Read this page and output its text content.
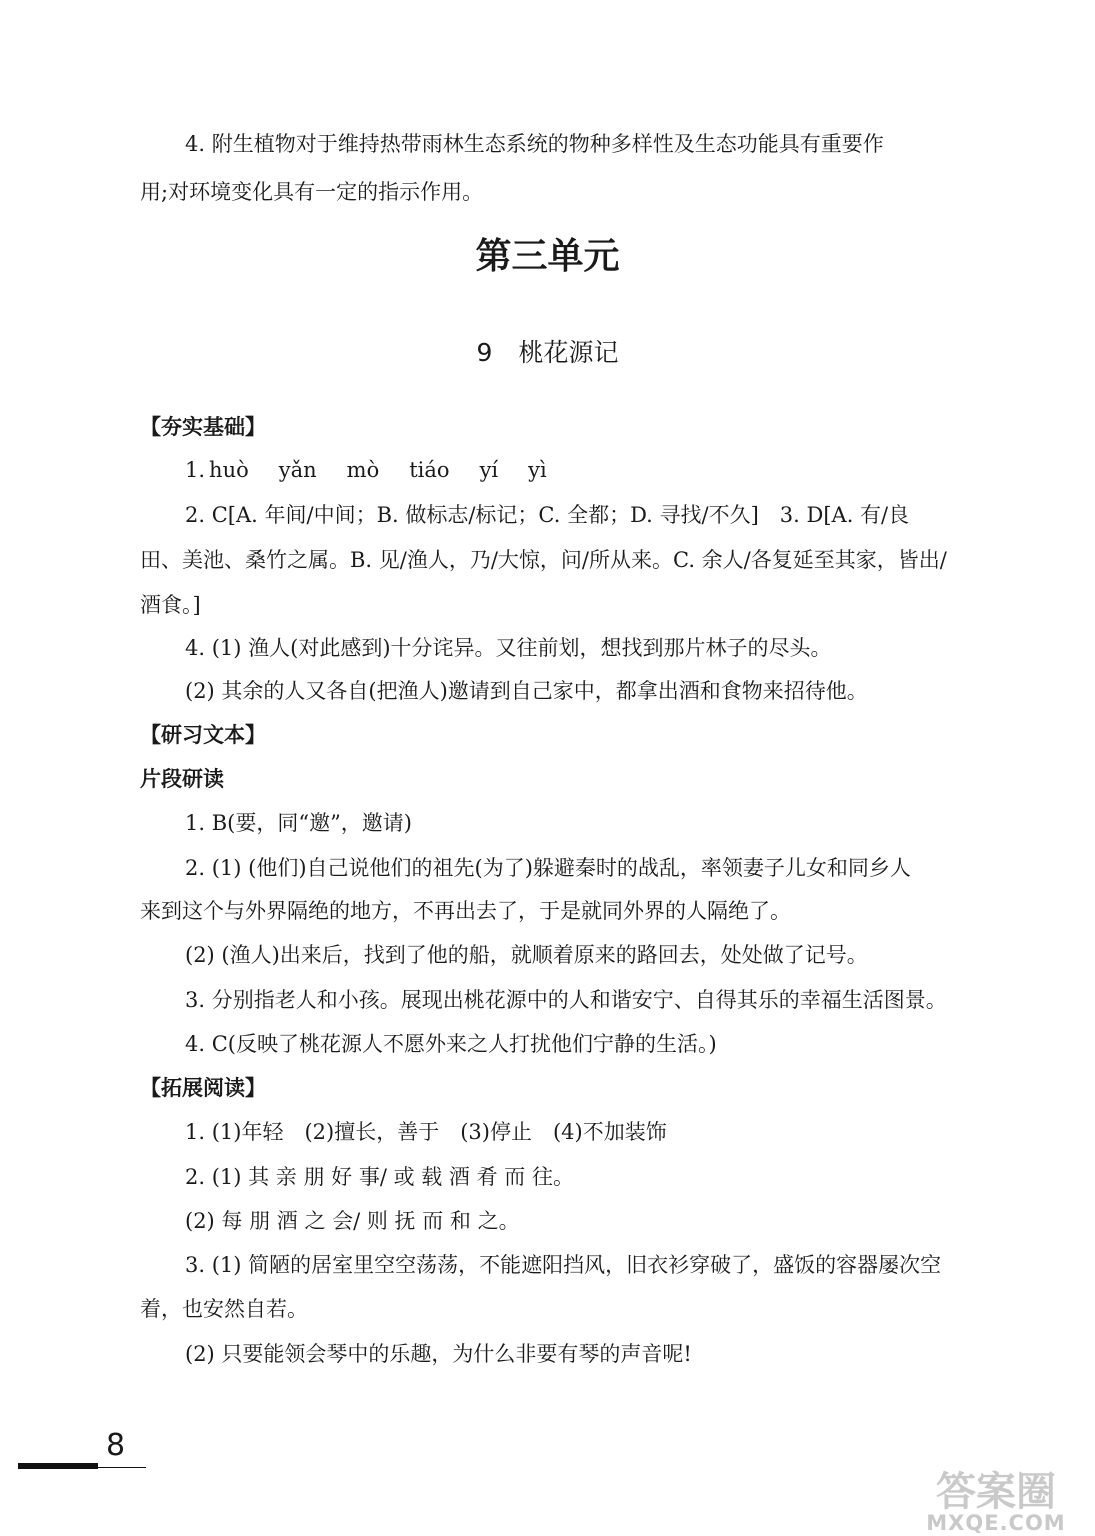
4. 附生植物对于维持热带雨林生态系统的物种多样性及生态功能具有重要作
用;对环境变化具有一定的指示作用。
第三单元
9 桃花源记
【夯实基础】
1. huò yǎn mò tiáo yí yì
2. C[A. 年间/中间；B. 做标志/标记；C. 全都；D. 寻找/不久]　3. D[A. 有/良
田、美池、桑竹之属。B. 见/渔人，乃/大惊，问/所从来。C. 余人/各复延至其家，皆出/
酒食。]
4. (1) 渔人(对此感到)十分诧异。又往前划，想找到那片林子的尽头。
(2) 其余的人又各自(把渔人)邀请到自己家中，都拿出酒和食物来招待他。
【研习文本】
片段研读
1. B(要，同“邀”，邀请)
2. (1) (他们)自己说他们的祖先(为了)躲避秦时的战乱，率领妻子儿女和同乡人
来到这个与外界隔绝的地方，不再出去了，于是就同外界的人隔绝了。
(2) (渔人)出来后，找到了他的船，就顺着原来的路回去，处处做了记号。
3. 分别指老人和小孩。展现出桃花源中的人和谐安宁、自得其乐的幸福生活图景。
4. C(反映了桃花源人不愿外来之人打扰他们宁静的生活。)
【拓展阅读】
1. (1)年轻　(2)擅长，善于　(3)停止　(4)不加装饰
2. (1) 其 亲 朋 好 事/ 或 载 酒 肴 而 往。
(2) 每 朋 酒 之 会/ 则 抚 而 和 之。
3. (1) 简陋的居室里空空荡荡，不能遮阳挡风，旧衣衫穿破了，盛饭的容器屡次空
着，也安然自若。
(2) 只要能领会琴中的乐趣，为什么非要有琴的声音呢!
8
答案圈
MXQE.COM
